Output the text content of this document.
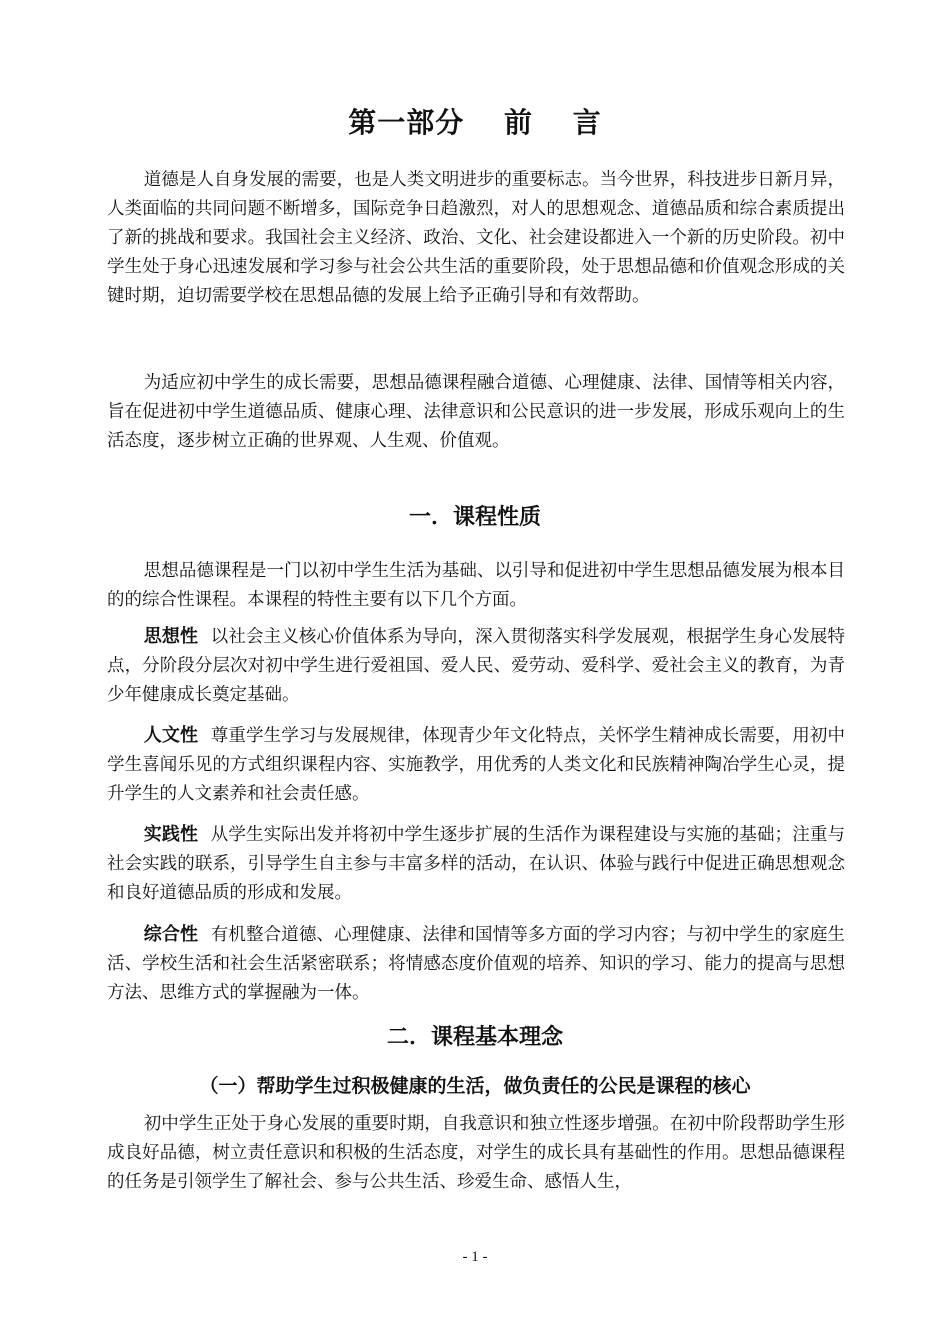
第一部分　 前　 言

道德是人自身发展的需要，也是人类文明进步的重要标志。当今世界，科技进步日新月异，人类面临的共同问题不断增多，国际竞争日趋激烈，对人的思想观念、道德品质和综合素质提出了新的挑战和要求。我国社会主义经济、政治、文化、社会建设都进入一个新的历史阶段。初中学生处于身心迅速发展和学习参与社会公共生活的重要阶段，处于思想品德和价值观念形成的关键时期，迫切需要学校在思想品德的发展上给予正确引导和有效帮助。

为适应初中学生的成长需要，思想品德课程融合道德、心理健康、法律、国情等相关内容，旨在促进初中学生道德品质、健康心理、法律意识和公民意识的进一步发展，形成乐观向上的生活态度，逐步树立正确的世界观、人生观、价值观。

一．课程性质

思想品德课程是一门以初中学生生活为基础、以引导和促进初中学生思想品德发展为根本目的的综合性课程。本课程的特性主要有以下几个方面。

思想性 以社会主义核心价值体系为导向，深入贯彻落实科学发展观，根据学生身心发展特点，分阶段分层次对初中学生进行爱祖国、爱人民、爱劳动、爱科学、爱社会主义的教育，为青少年健康成长奠定基础。

人文性 尊重学生学习与发展规律，体现青少年文化特点，关怀学生精神成长需要，用初中学生喜闻乐见的方式组织课程内容、实施教学，用优秀的人类文化和民族精神陶冶学生心灵，提升学生的人文素养和社会责任感。

实践性 从学生实际出发并将初中学生逐步扩展的生活作为课程建设与实施的基础；注重与社会实践的联系，引导学生自主参与丰富多样的活动，在认识、体验与践行中促进正确思想观念和良好道德品质的形成和发展。

综合性 有机整合道德、心理健康、法律和国情等多方面的学习内容；与初中学生的家庭生活、学校生活和社会生活紧密联系；将情感态度价值观的培养、知识的学习、能力的提高与思想方法、思维方式的掌握融为一体。

二．课程基本理念
（一）帮助学生过积极健康的生活，做负责任的公民是课程的核心

初中学生正处于身心发展的重要时期，自我意识和独立性逐步增强。在初中阶段帮助学生形成良好品德，树立责任意识和积极的生活态度，对学生的成长具有基础性的作用。思想品德课程的任务是引领学生了解社会、参与公共生活、珍爱生命、感悟人生，

- 1 -
